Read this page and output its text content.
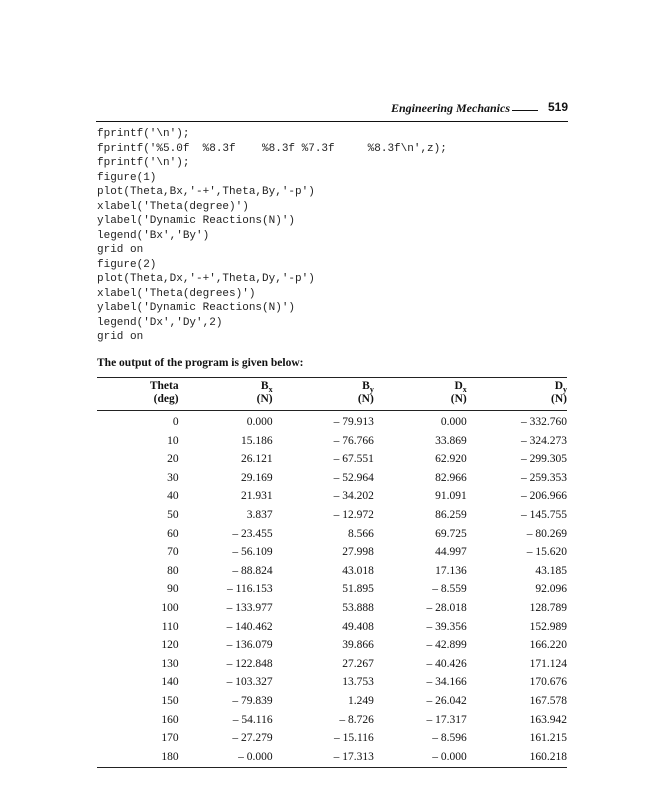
Engineering Mechanics	519
fprintf('\n');
fprintf('%5.0f  %8.3f    %8.3f %7.3f     %8.3f\n',z);
fprintf('\n');
figure(1)
plot(Theta,Bx,'-+',Theta,By,'-p')
xlabel('Theta(degree)')
ylabel('Dynamic Reactions(N)')
legend('Bx','By')
grid on
figure(2)
plot(Theta,Dx,'-+',Theta,Dy,'-p')
xlabel('Theta(degrees)')
ylabel('Dynamic Reactions(N)')
legend('Dx','Dy',2)
grid on

The output of the program is given below:

Theta	$B_x$	$B_y$	$D_x$	$D_y$
(deg)	(N)	(N)	(N)	(N)

0	0.000	– 79.913	0.000	– 332.760
10	15.186	– 76.766	33.869	– 324.273
20	26.121	– 67.551	62.920	– 299.305
30	29.169	– 52.964	82.966	– 259.353
40	21.931	– 34.202	91.091	– 206.966
50	3.837	– 12.972	86.259	– 145.755
60	– 23.455	8.566	69.725	– 80.269
70	– 56.109	27.998	44.997	– 15.620
80	– 88.824	43.018	17.136	43.185
90	– 116.153	51.895	– 8.559	92.096
100	– 133.977	53.888	– 28.018	128.789
110	– 140.462	49.408	– 39.356	152.989
120	– 136.079	39.866	– 42.899	166.220
130	– 122.848	27.267	– 40.426	171.124
140	– 103.327	13.753	– 34.166	170.676
150	– 79.839	1.249	– 26.042	167.578
160	– 54.116	– 8.726	– 17.317	163.942
170	– 27.279	– 15.116	– 8.596	161.215
180	– 0.000	– 17.313	– 0.000	160.218
